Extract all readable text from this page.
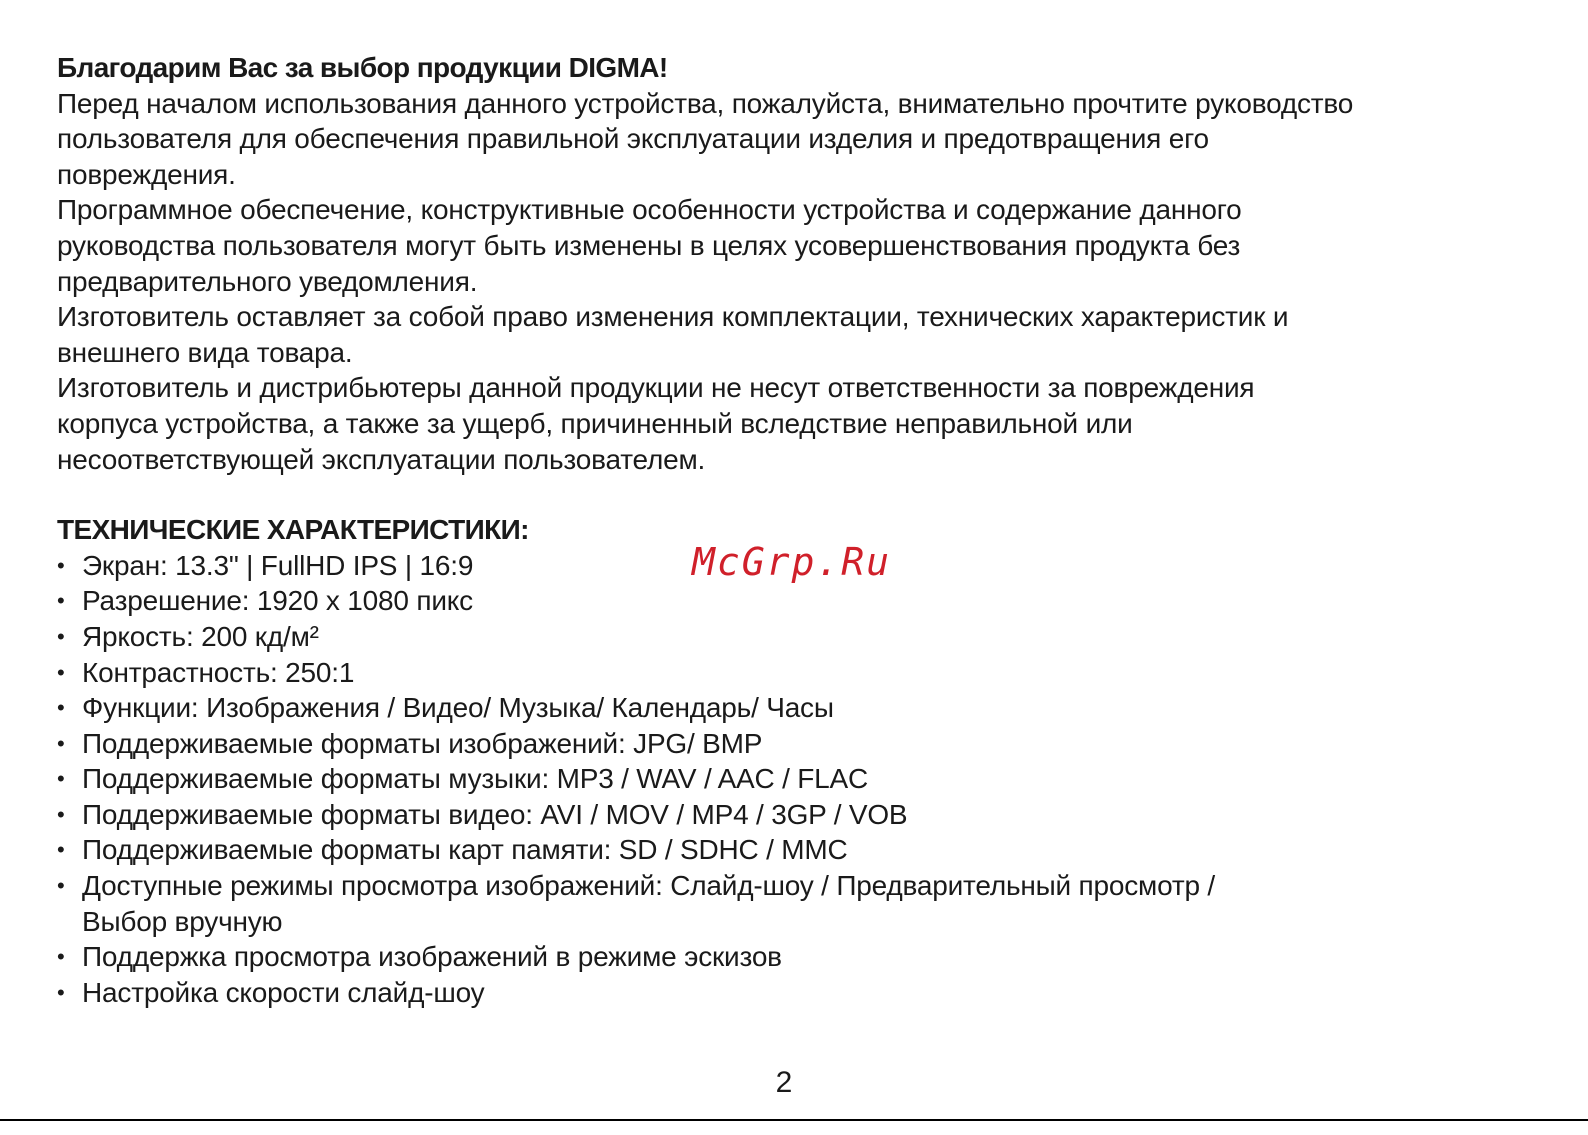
Благодарим Вас за выбор продукции DIGMA!
Перед началом использования данного устройства, пожалуйста, внимательно прочтите руководство
пользователя для обеспечения правильной эксплуатации изделия и предотвращения его
повреждения.
Программное обеспечение, конструктивные особенности устройства и содержание данного
руководства пользователя могут быть изменены в целях усовершенствования продукта без
предварительного уведомления.
Изготовитель оставляет за собой право изменения комплектации, технических характеристик и
внешнего вида товара.
Изготовитель и дистрибьютеры данной продукции не несут ответственности за повреждения
корпуса устройства, а также за ущерб, причиненный вследствие неправильной или
несоответствующей эксплуатации пользователем.
ТЕХНИЧЕСКИЕ ХАРАКТЕРИСТИКИ:
• Экран: 13.3" | FullHD IPS | 16:9
• Разрешение: 1920 x 1080 пикс
• Яркость: 200 кд/м²
• Контрастность: 250:1
• Функции: Изображения / Видео/ Музыка/ Календарь/ Часы
• Поддерживаемые форматы изображений: JPG/ BMP
• Поддерживаемые форматы музыки: MP3 / WAV / AAC / FLAC
• Поддерживаемые форматы видео: AVI / MOV / MP4 / 3GP / VOB
• Поддерживаемые форматы карт памяти: SD / SDHC / MMC
• Доступные режимы просмотра изображений: Слайд-шоу / Предварительный просмотр /
Выбор вручную
• Поддержка просмотра изображений в режиме эскизов
• Настройка скорости слайд-шоу
McGrp.Ru
2
